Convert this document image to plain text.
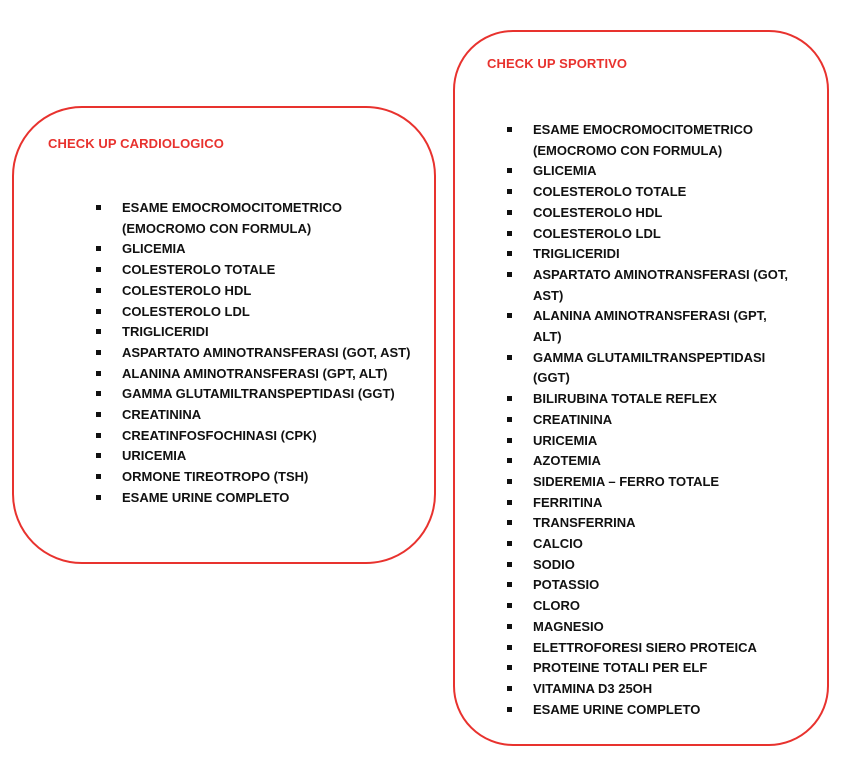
CHECK UP CARDIOLOGICO
ESAME EMOCROMOCITOMETRICO (EMOCROMO CON FORMULA)
GLICEMIA
COLESTEROLO TOTALE
COLESTEROLO HDL
COLESTEROLO LDL
TRIGLICERIDI
ASPARTATO AMINOTRANSFERASI (GOT, AST)
ALANINA AMINOTRANSFERASI (GPT, ALT)
GAMMA GLUTAMILTRANSPEPTIDASI (GGT)
CREATININA
CREATINFOSFOCHINASI (CPK)
URICEMIA
ORMONE TIREOTROPO (TSH)
ESAME URINE COMPLETO
CHECK UP SPORTIVO
ESAME EMOCROMOCITOMETRICO (EMOCROMO CON FORMULA)
GLICEMIA
COLESTEROLO TOTALE
COLESTEROLO HDL
COLESTEROLO LDL
TRIGLICERIDI
ASPARTATO AMINOTRANSFERASI (GOT, AST)
ALANINA AMINOTRANSFERASI (GPT, ALT)
GAMMA GLUTAMILTRANSPEPTIDASI (GGT)
BILIRUBINA TOTALE REFLEX
CREATININA
URICEMIA
AZOTEMIA
SIDEREMIA – FERRO TOTALE
FERRITINA
TRANSFERRINA
CALCIO
SODIO
POTASSIO
CLORO
MAGNESIO
ELETTROFORESI SIERO PROTEICA
PROTEINE TOTALI PER ELF
VITAMINA D3 25OH
ESAME URINE COMPLETO
